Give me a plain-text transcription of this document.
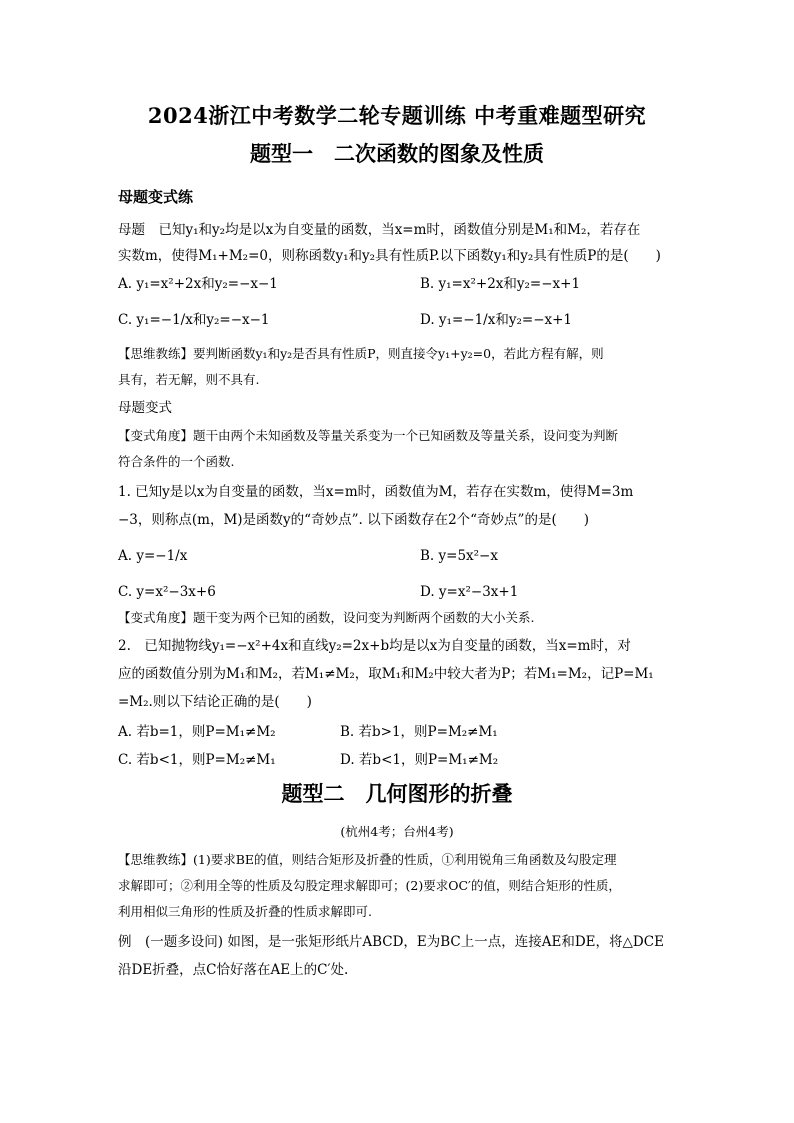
2024浙江中考数学二轮专题训练 中考重难题型研究
题型一　二次函数的图象及性质
母题变式练
母题　已知y₁和y₂均是以x为自变量的函数，当x=m时，函数值分别是M₁和M₂，若存在
实数m，使得M₁+M₂=0，则称函数y₁和y₂具有性质P.以下函数y₁和y₂具有性质P的是(　　)
A. y₁=x²+2x和y₂=−x−1	B. y₁=x²+2x和y₂=−x+1
C. y₁=−1/x和y₂=−x−1	D. y₁=−1/x和y₂=−x+1
【思维教练】要判断函数y₁和y₂是否具有性质P，则直接令y₁+y₂=0，若此方程有解，则
具有，若无解，则不具有.
母题变式
【变式角度】题干由两个未知函数及等量关系变为一个已知函数及等量关系，设问变为判断
符合条件的一个函数.
1. 已知y是以x为自变量的函数，当x=m时，函数值为M，若存在实数m，使得M=3m
−3，则称点(m，M)是函数y的“奇妙点”. 以下函数存在2个“奇妙点”的是(　　)
A. y=−1/x	B. y=5x²−x
C. y=x²−3x+6	D. y=x²−3x+1
【变式角度】题干变为两个已知的函数，设问变为判断两个函数的大小关系.
2.　已知抛物线y₁=−x²+4x和直线y₂=2x+b均是以x为自变量的函数，当x=m时，对
应的函数值分别为M₁和M₂，若M₁≠M₂，取M₁和M₂中较大者为P；若M₁=M₂，记P=M₁
=M₂.则以下结论正确的是(　　)
A. 若b=1，则P=M₁≠M₂	B. 若b>1，则P=M₂≠M₁
C. 若b<1，则P=M₂≠M₁	D. 若b<1，则P=M₁≠M₂
题型二　几何图形的折叠
(杭州4考；台州4考)
【思维教练】(1)要求BE的值，则结合矩形及折叠的性质，①利用锐角三角函数及勾股定理
求解即可；②利用全等的性质及勾股定理求解即可；(2)要求OC′的值，则结合矩形的性质，
利用相似三角形的性质及折叠的性质求解即可.
例　(一题多设问) 如图，是一张矩形纸片ABCD，E为BC上一点，连接AE和DE，将△DCE
沿DE折叠，点C恰好落在AE上的C′处.
